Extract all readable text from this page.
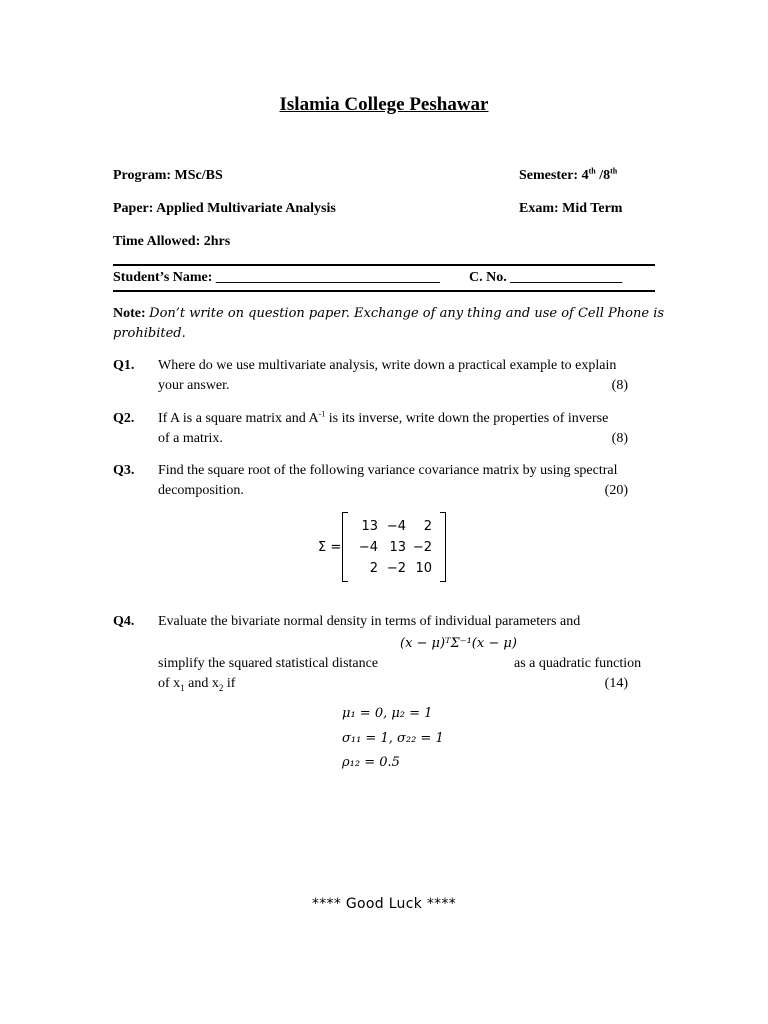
Islamia College Peshawar
Program: MSc/BS	Semester: 4th /8th
Paper: Applied Multivariate Analysis	Exam: Mid Term
Time Allowed: 2hrs
Student’s Name: ________________________________ C. No. ________________
Note: Don’t write on question paper. Exchange of any thing and use of Cell Phone is
prohibited.
Q1. Where do we use multivariate analysis, write down a practical example to explain
your answer.	(8)
Q2. If A is a square matrix and $A^{-1}$ is its inverse, write down the properties of inverse
of a matrix.	(8)
Q3. Find the square root of the following variance covariance matrix by using spectral
decomposition.	(20)
Σ =
13 −4	2
−4 13 −2
2 −2 10
Q4. Evaluate the bivariate normal density in terms of individual parameters and
(x − μ)ᵀΣ⁻¹(x − μ)
simplify the squared statistical distance	as a quadratic function
of $x_1$ and $x_2$ if	(14)
μ₁ = 0, μ₂ = 1
σ₁₁ = 1, σ₂₂ = 1
ρ₁₂ = 0.5
**** Good Luck ****
